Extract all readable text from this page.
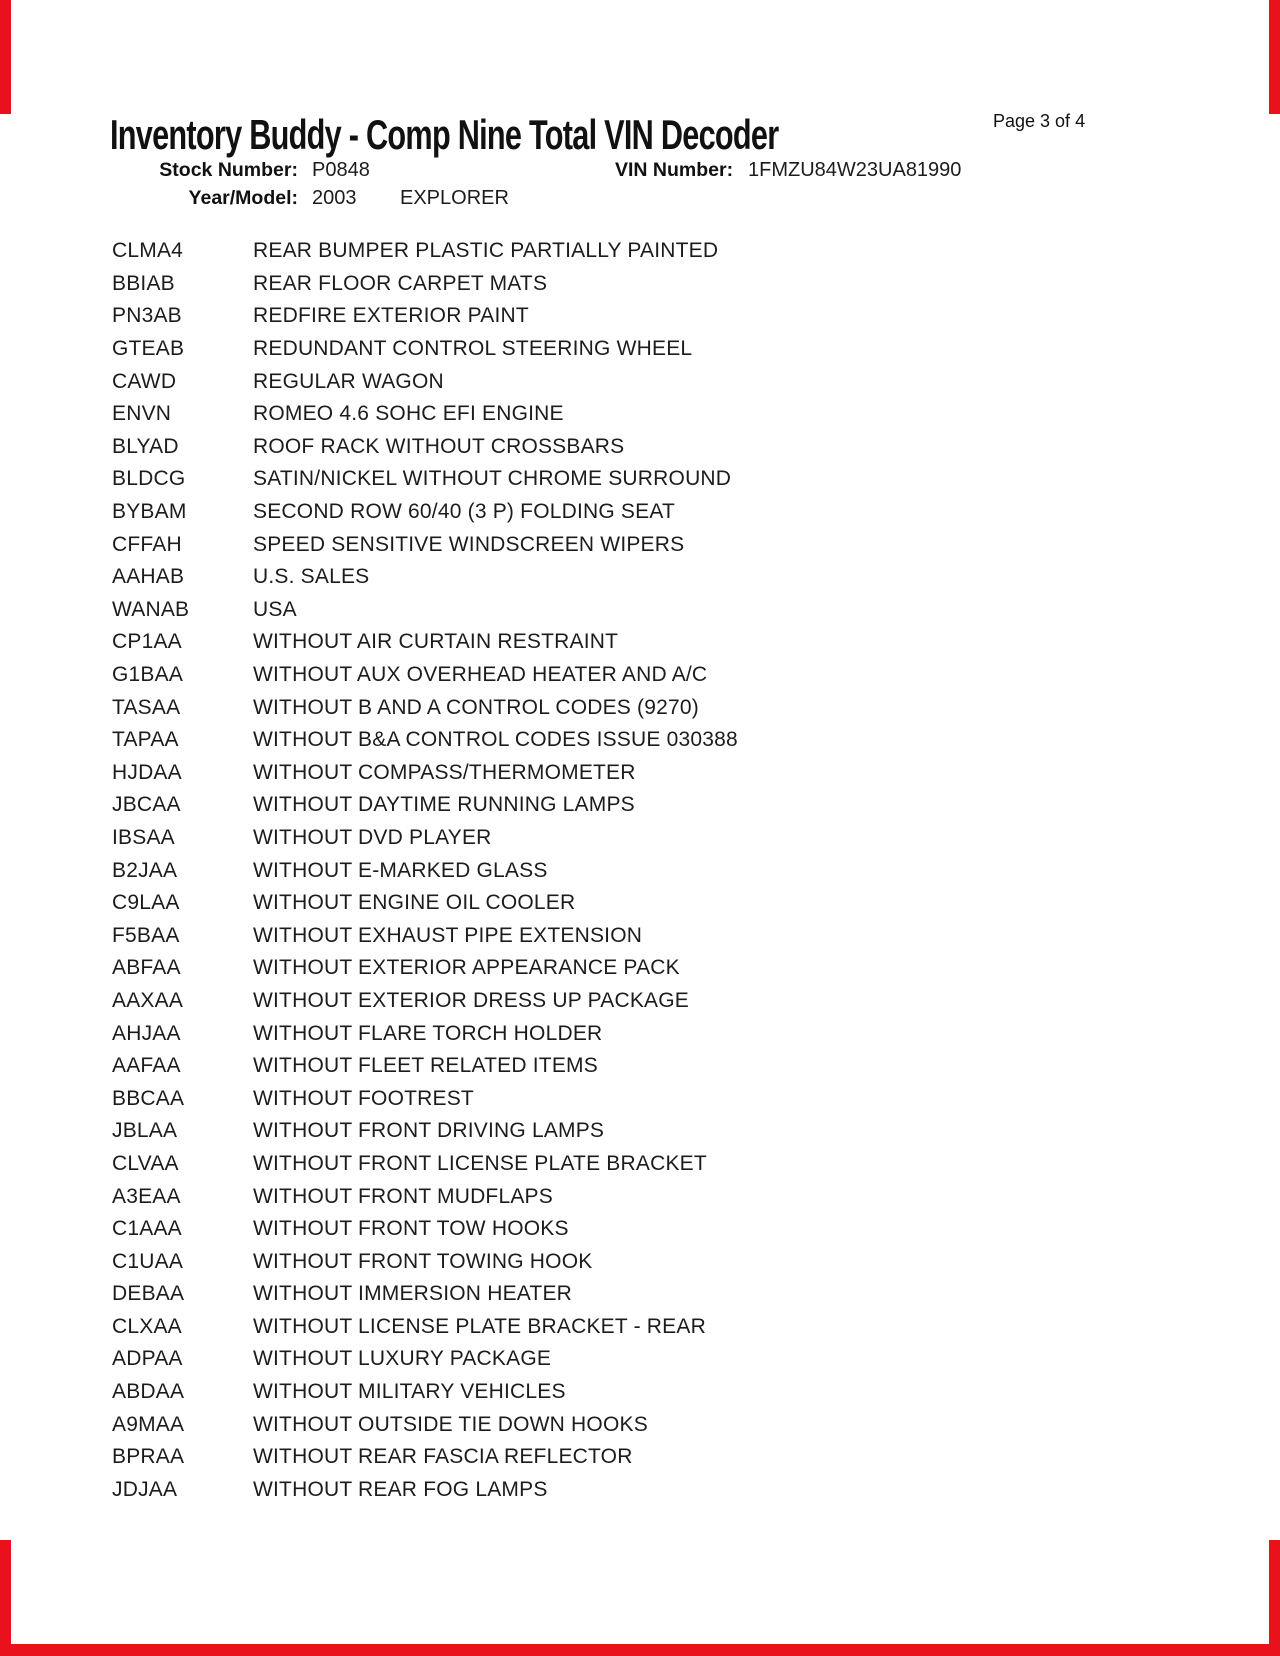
Inventory Buddy - Comp Nine Total VIN Decoder	Page 3 of 4
Stock Number: P0848	VIN Number: 1FMZU84W23UA81990
Year/Model: 2003 EXPLORER
CLMA4	REAR BUMPER PLASTIC PARTIALLY PAINTED
BBIAB	REAR FLOOR CARPET MATS
PN3AB	REDFIRE EXTERIOR PAINT
GTEAB	REDUNDANT CONTROL STEERING WHEEL
CAWD	REGULAR WAGON
ENVN	ROMEO 4.6 SOHC EFI ENGINE
BLYAD	ROOF RACK WITHOUT CROSSBARS
BLDCG	SATIN/NICKEL WITHOUT CHROME SURROUND
BYBAM	SECOND ROW 60/40 (3 P) FOLDING SEAT
CFFAH	SPEED SENSITIVE WINDSCREEN WIPERS
AAHAB	U.S. SALES
WANAB	USA
CP1AA	WITHOUT AIR CURTAIN RESTRAINT
G1BAA	WITHOUT AUX OVERHEAD HEATER AND A/C
TASAA	WITHOUT B AND A CONTROL CODES (9270)
TAPAA	WITHOUT B&A CONTROL CODES ISSUE 030388
HJDAA	WITHOUT COMPASS/THERMOMETER
JBCAA	WITHOUT DAYTIME RUNNING LAMPS
IBSAA	WITHOUT DVD PLAYER
B2JAA	WITHOUT E-MARKED GLASS
C9LAA	WITHOUT ENGINE OIL COOLER
F5BAA	WITHOUT EXHAUST PIPE EXTENSION
ABFAA	WITHOUT EXTERIOR APPEARANCE PACK
AAXAA	WITHOUT EXTERIOR DRESS UP PACKAGE
AHJAA	WITHOUT FLARE TORCH HOLDER
AAFAA	WITHOUT FLEET RELATED ITEMS
BBCAA	WITHOUT FOOTREST
JBLAA	WITHOUT FRONT DRIVING LAMPS
CLVAA	WITHOUT FRONT LICENSE PLATE BRACKET
A3EAA	WITHOUT FRONT MUDFLAPS
C1AAA	WITHOUT FRONT TOW HOOKS
C1UAA	WITHOUT FRONT TOWING HOOK
DEBAA	WITHOUT IMMERSION HEATER
CLXAA	WITHOUT LICENSE PLATE BRACKET - REAR
ADPAA	WITHOUT LUXURY PACKAGE
ABDAA	WITHOUT MILITARY VEHICLES
A9MAA	WITHOUT OUTSIDE TIE DOWN HOOKS
BPRAA	WITHOUT REAR FASCIA REFLECTOR
JDJAA	WITHOUT REAR FOG LAMPS
